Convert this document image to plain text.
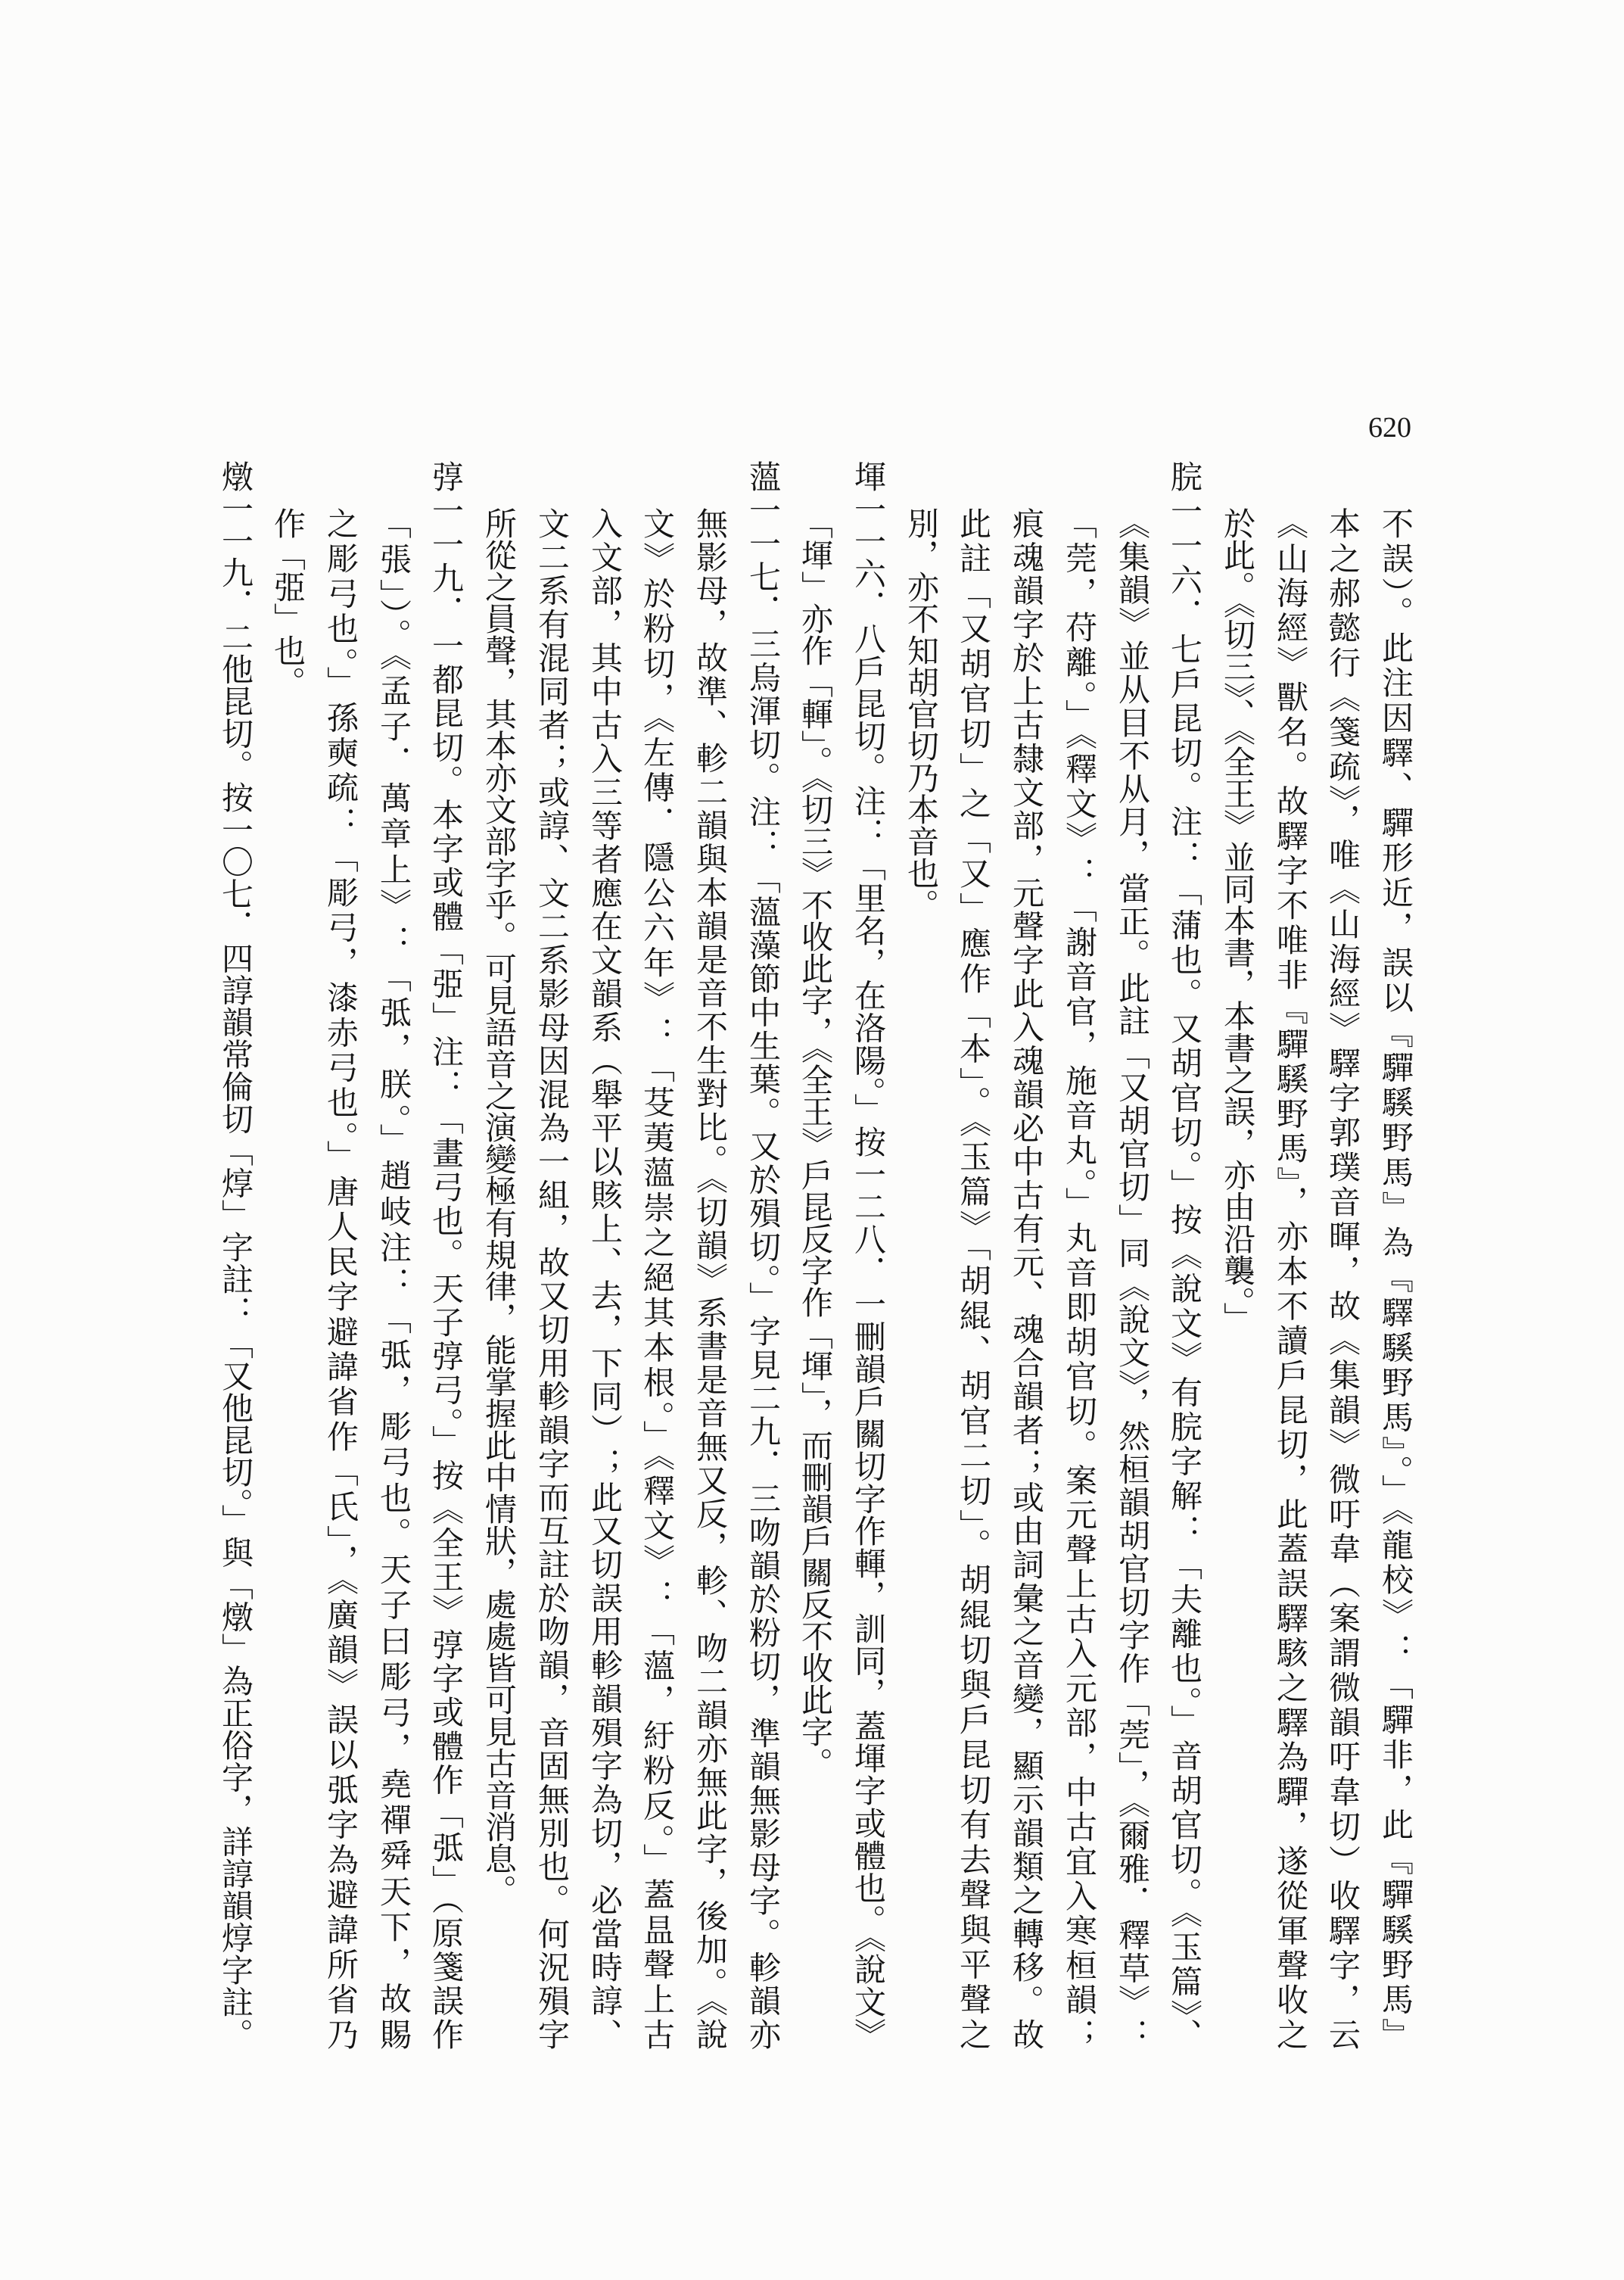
620
不誤）。此注因驛、驒形近，誤以『驒騱野馬』為『驛騱野馬』。」《龍校》：「驒非，此『驒騱野馬』
本之郝懿行《箋疏》，唯《山海經》驛字郭璞音暉，故《集韻》微吁韋（案謂微韻吁韋切）收驛字，云
《山海經》獸名。故驛字不唯非『驒騱野馬』，亦本不讀戶昆切，此蓋誤驛駭之驛為驒，遂從軍聲收之
於此。《切三》、《全王》並同本書，本書之誤，亦由沿襲。」
脘一一六．七戶昆切。注：「蒲也。又胡官切。」按《說文》有脘字解：「夫離也。」音胡官切。《玉篇》、
《集韻》並从目不从月，當正。此註「又胡官切」同《說文》，然桓韻胡官切字作「莞」，《爾雅．釋草》：
「莞，苻離。」《釋文》：「謝音官，施音丸。」丸音即胡官切。案元聲上古入元部，中古宜入寒桓韻；
痕魂韻字於上古隸文部，元聲字此入魂韻必中古有元、魂合韻者；或由詞彙之音變，顯示韻類之轉移。故
此註「又胡官切」之「又」應作「本」。《玉篇》「胡緄、胡官二切」。胡緄切與戶昆切有去聲與平聲之
別，亦不知胡官切乃本音也。
堚一一六．八戶昆切。注：「里名，在洛陽。」按一二八．一刪韻戶關切字作䡣，訓同，蓋堚字或體也。《說文》
「堚」亦作「䡣」。《切三》不收此字，《全王》戶昆反字作「堚」，而刪韻戶關反不收此字。
薀一一七．三烏渾切。注：「薀藻節中生葉。又於殞切。」字見二九．三吻韻於粉切，準韻無影母字。軫韻亦
無影母，故準、軫二韻與本韻是音不生對比。《切韻》系書是音無又反，軫、吻二韻亦無此字，後加。《說
文》於粉切，《左傳．隱公六年》：「芟荑薀崇之絕其本根。」《釋文》：「薀，紆粉反。」蓋昷聲上古
入文部，其中古入三等者應在文韻系（舉平以賅上、去，下同）；此又切誤用軫韻殞字為切，必當時諄、
文二系有混同者；或諄、文二系影母因混為一組，故又切用軫韻字而互註於吻韻，音固無別也。何況殞字
所從之員聲，其本亦文部字乎。可見語音之演變極有規律，能掌握此中情狀，處處皆可見古音消息。
弴一一九．一都昆切。本字或體「弫」注：「畫弓也。天子弴弓。」按《全王》弴字或體作「弤」（原箋誤作
「張」）。《孟子．萬章上》：「弤，朕。」趙岐注：「弤，彫弓也。天子曰彫弓，堯禪舜天下，故賜
之彫弓也。」孫奭疏：「彫弓，漆赤弓也。」唐人民字避諱省作「氏」，《廣韻》誤以弤字為避諱所省乃
作「弫」也。
燉一一九．二他昆切。按一〇七．四諄韻常倫切「焞」字註：「又他昆切。」與「燉」為正俗字，詳諄韻焞字註。
